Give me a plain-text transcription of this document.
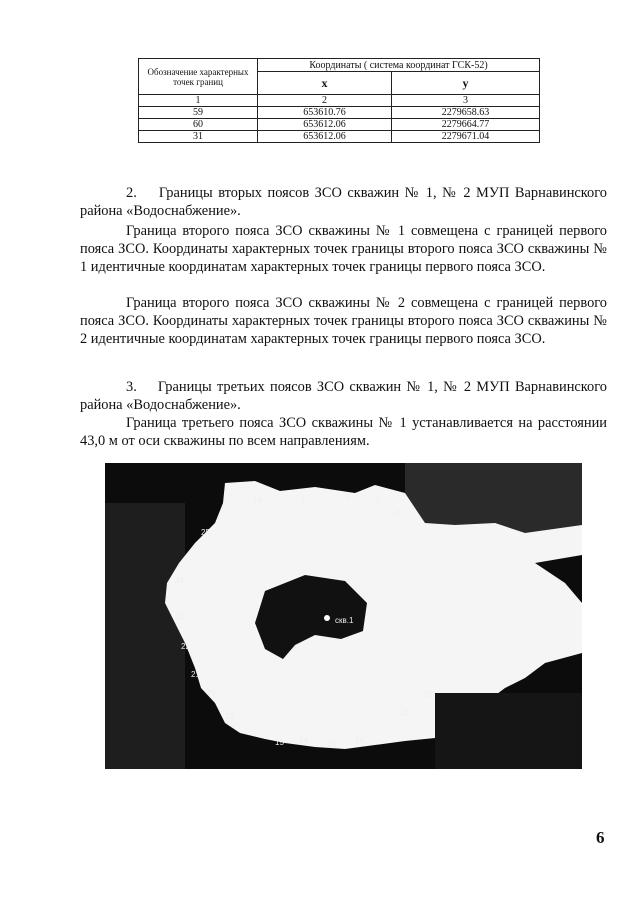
Обозначение характерных точек границ	Координаты ( система координат ГСК-52)	
	x	y
1	2	3
59	653610.76	2279658.63
60	653612.06	2279664.77
31	653612.06	2279671.04

2.    Границы вторых поясов ЗСО скважин № 1, № 2 МУП Варнавинского района «Водоснабжение».

Граница второго пояса ЗСО скважины № 1 совмещена с границей первого пояса ЗСО. Координаты характерных точек границы второго пояса ЗСО скважины № 1 идентичные координатам характерных точек границы первого пояса ЗСО.

Граница второго пояса ЗСО скважины № 2 совмещена с границей первого пояса ЗСО. Координаты характерных точек границы второго пояса ЗСО скважины № 2 идентичные координатам характерных точек границы первого пояса ЗСО.

3.    Границы третьих поясов ЗСО скважин № 1, № 2 МУП Варнавинского района «Водоснабжение».

Граница третьего пояса ЗСО скважины № 1 устанавливается на расстоянии 43,0 м от оси скважины по всем направлениям.

скв.1
18
4
25
24
23
22
21
20
19
15 14 13
12
16
17
1	2	3
6
